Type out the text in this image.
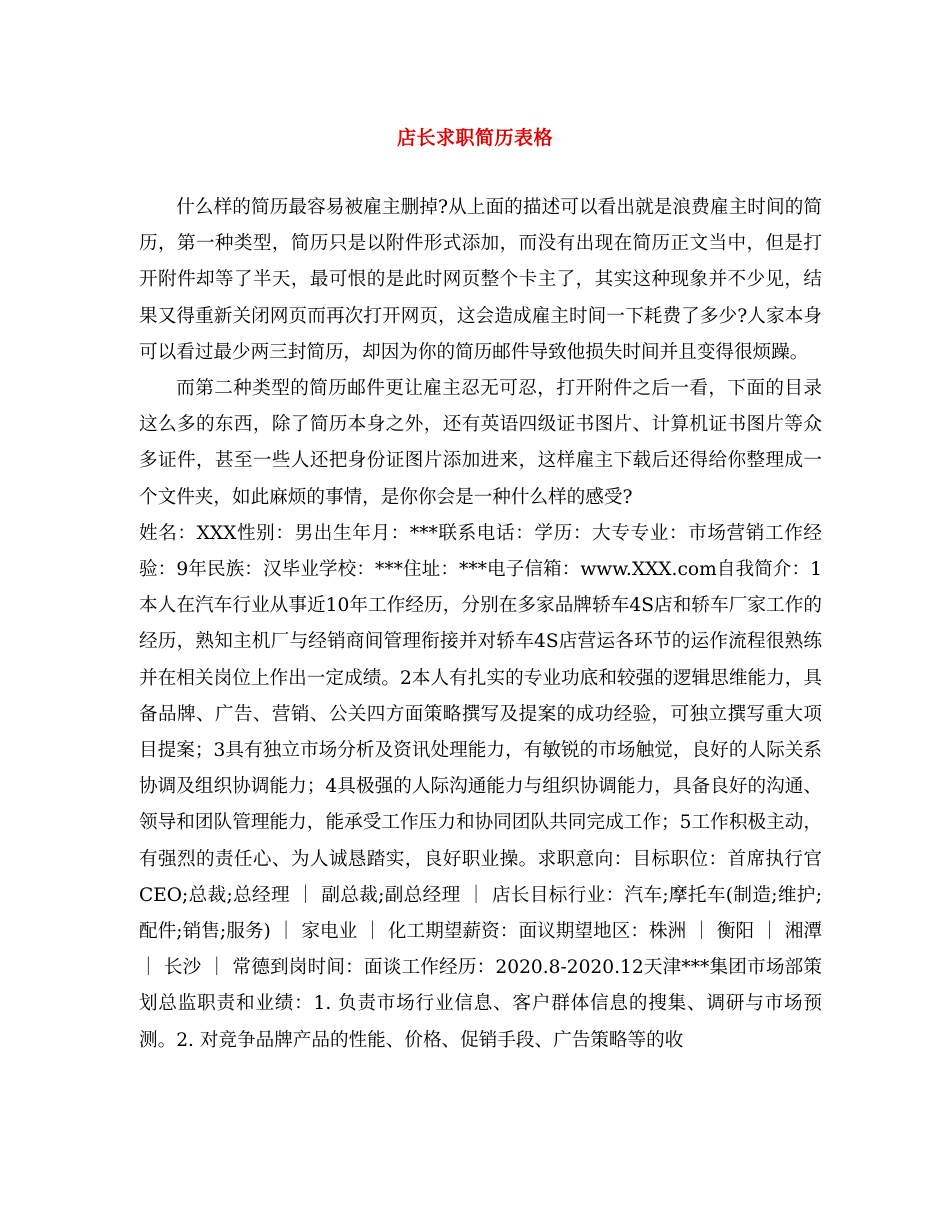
店长求职简历表格

什么样的简历最容易被雇主删掉?从上面的描述可以看出就是浪费雇主时间的简历，第一种类型，简历只是以附件形式添加，而没有出现在简历正文当中，但是打开附件却等了半天，最可恨的是此时网页整个卡主了，其实这种现象并不少见，结果又得重新关闭网页而再次打开网页，这会造成雇主时间一下耗费了多少?人家本身可以看过最少两三封简历，却因为你的简历邮件导致他损失时间并且变得很烦躁。

而第二种类型的简历邮件更让雇主忍无可忍，打开附件之后一看，下面的目录这么多的东西，除了简历本身之外，还有英语四级证书图片、计算机证书图片等众多证件，甚至一些人还把身份证图片添加进来，这样雇主下载后还得给你整理成一个文件夹，如此麻烦的事情，是你你会是一种什么样的感受?

姓名：XXX性别：男出生年月：***联系电话：学历：大专专业：市场营销工作经验：9年民族：汉毕业学校：***住址：***电子信箱：www.XXX.com自我简介：1本人在汽车行业从事近10年工作经历，分别在多家品牌轿车4S店和轿车厂家工作的经历，熟知主机厂与经销商间管理衔接并对轿车4S店营运各环节的运作流程很熟练并在相关岗位上作出一定成绩。2本人有扎实的专业功底和较强的逻辑思维能力，具备品牌、广告、营销、公关四方面策略撰写及提案的成功经验，可独立撰写重大项目提案；3具有独立市场分析及资讯处理能力，有敏锐的市场触觉，良好的人际关系协调及组织协调能力；4具极强的人际沟通能力与组织协调能力，具备良好的沟通、领导和团队管理能力，能承受工作压力和协同团队共同完成工作；5工作积极主动，有强烈的责任心、为人诚恳踏实，良好职业操。求职意向：目标职位：首席执行官CEO;总裁;总经理 ｜ 副总裁;副总经理 ｜ 店长目标行业：汽车;摩托车(制造;维护;配件;销售;服务) ｜ 家电业 ｜ 化工期望薪资：面议期望地区：株洲 ｜ 衡阳 ｜ 湘潭 ｜ 长沙 ｜ 常德到岗时间：面谈工作经历：2020.8-2020.12天津***集团市场部策划总监职责和业绩：1. 负责市场行业信息、客户群体信息的搜集、调研与市场预测。2. 对竞争品牌产品的性能、价格、促销手段、广告策略等的收
